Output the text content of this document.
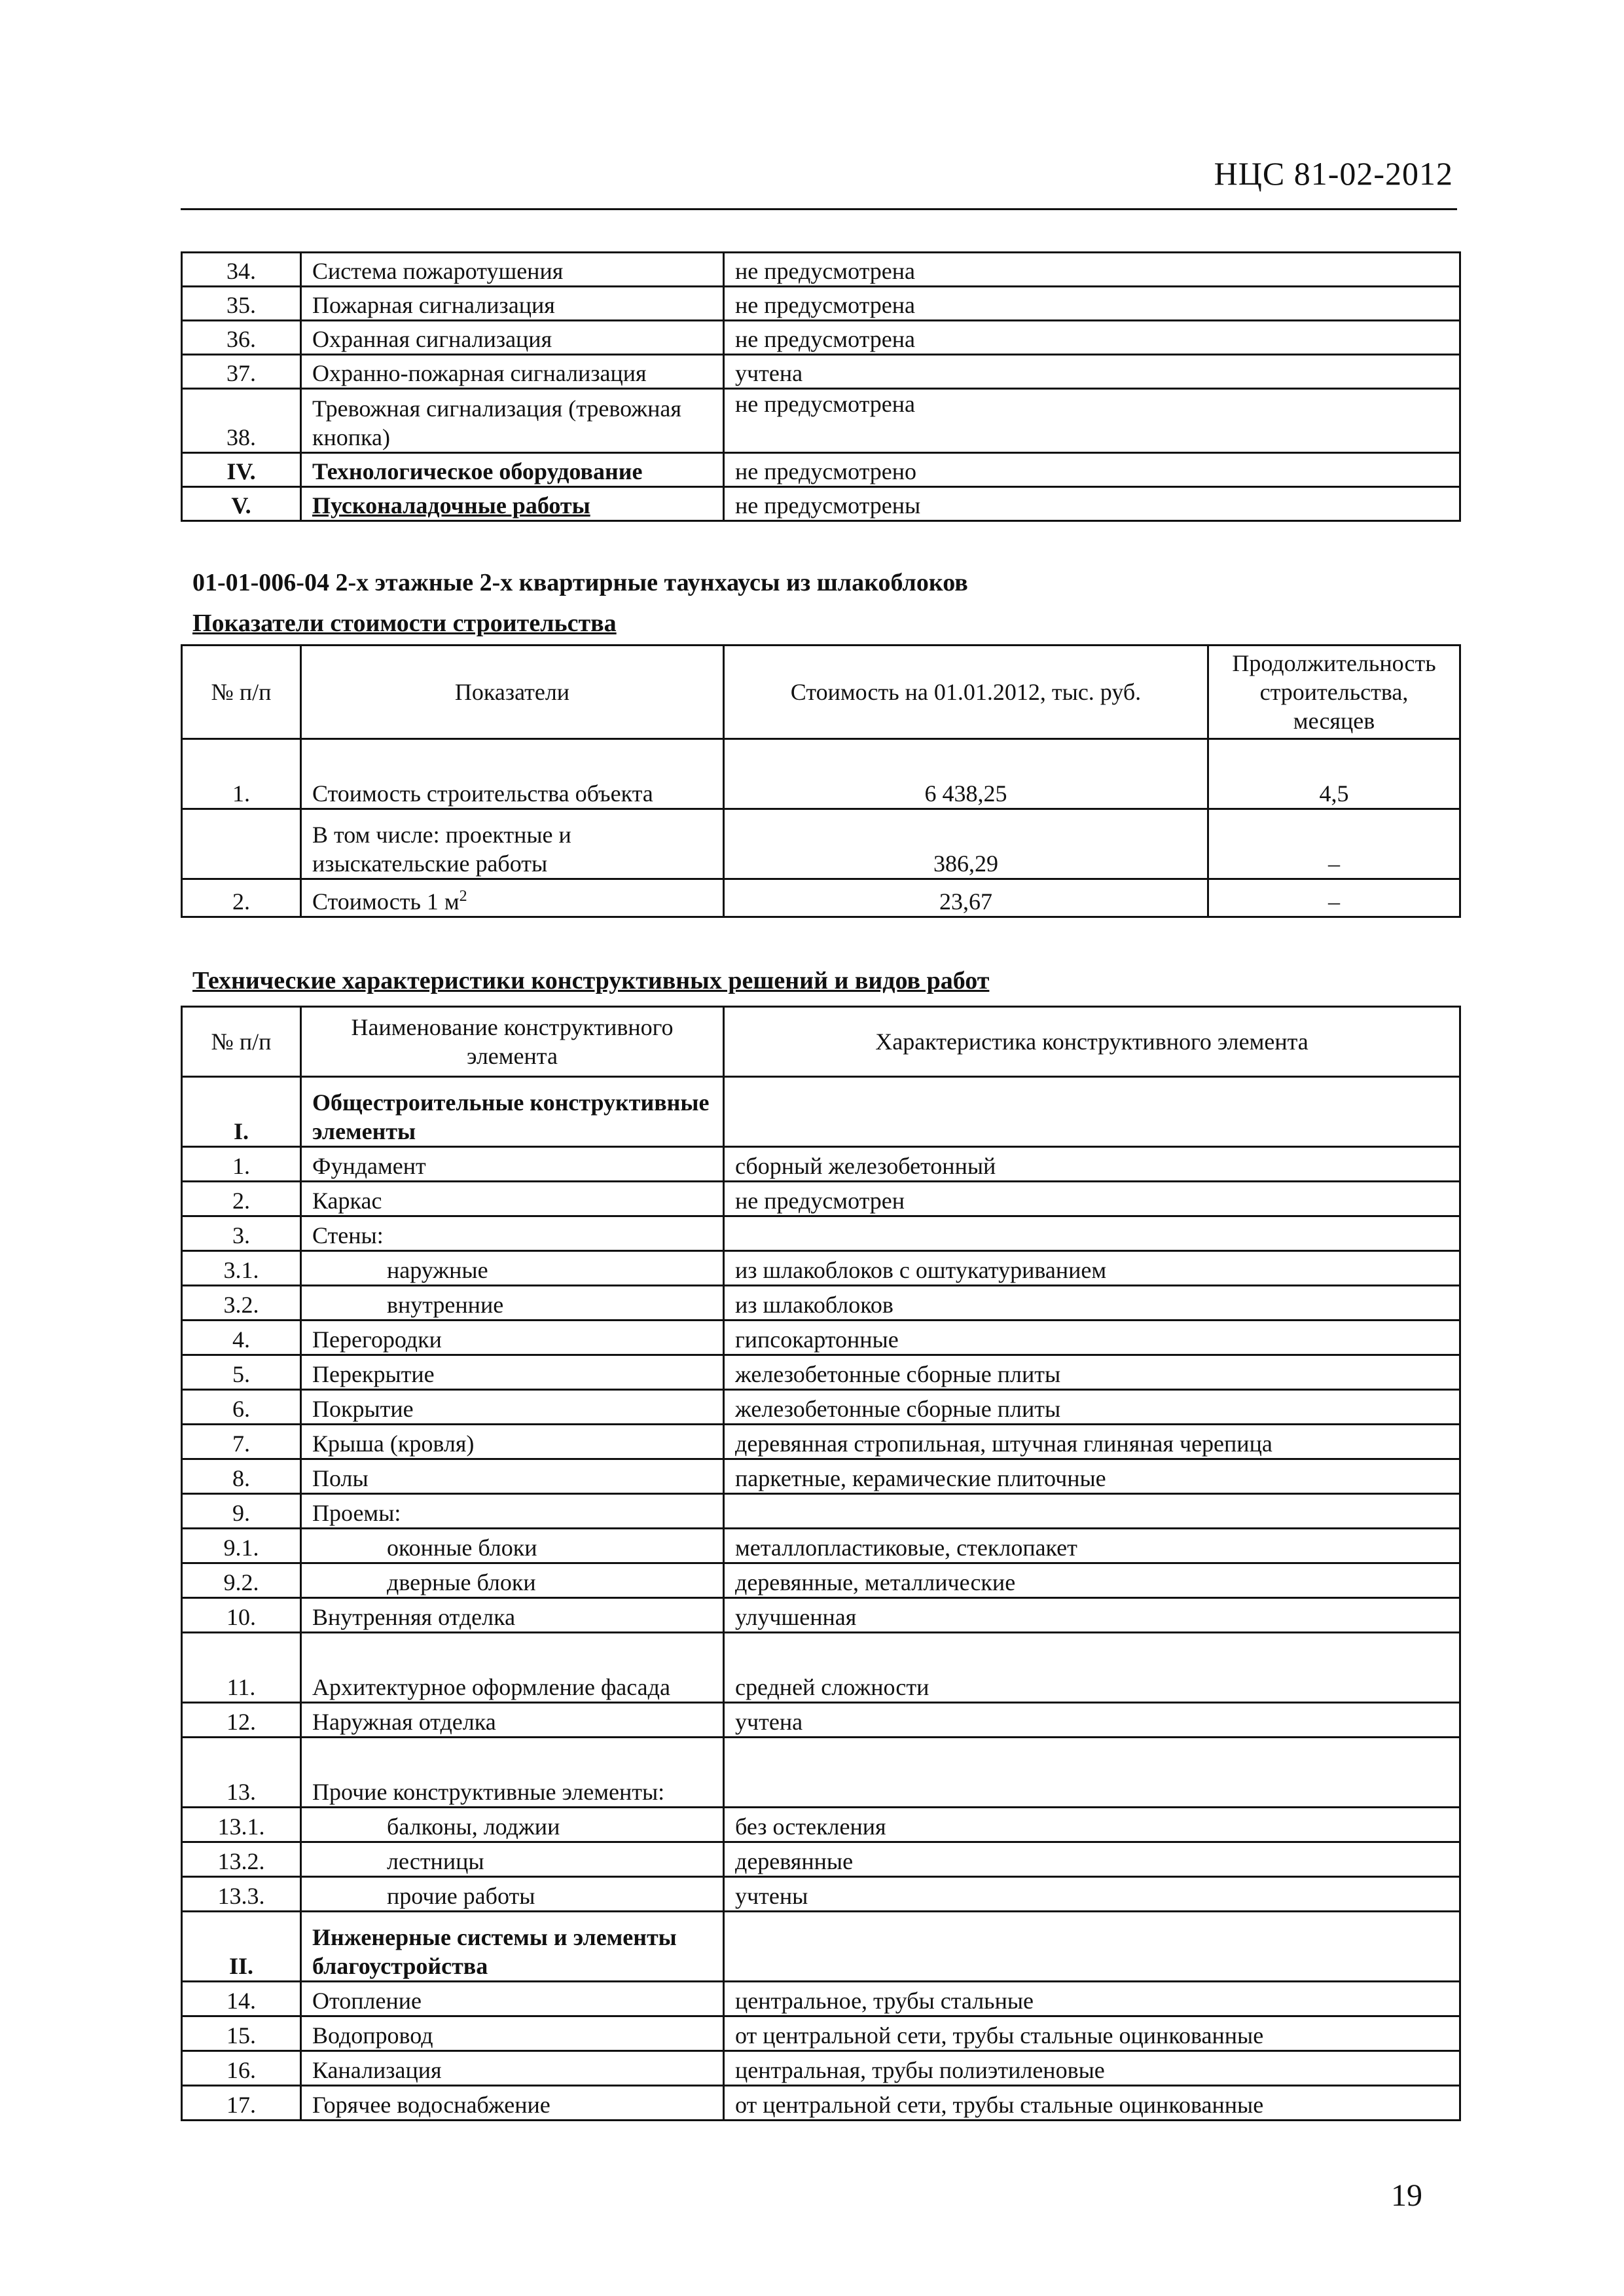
НЦС 81-02-2012
34.	Система пожаротушения	не предусмотрена
35.	Пожарная сигнализация	не предусмотрена
36.	Охранная сигнализация	не предусмотрена
37.	Охранно-пожарная сигнализация	учтена
38.	Тревожная сигнализация (тревожная кнопка)	не предусмотрена
IV.	Технологическое оборудование	не предусмотрено
V.	Пусконаладочные работы	не предусмотрены
01-01-006-04 2-х этажные 2-х квартирные таунхаусы из шлакоблоков
Показатели стоимости строительства
№ п/п	Показатели	Стоимость на 01.01.2012, тыс. руб.	Продолжительность строительства, месяцев
1.	Стоимость строительства объекта	6 438,25	4,5
	В том числе: проектные и изыскательские работы	386,29	–
2.	Стоимость 1 $м^2$	23,67	–
Технические характеристики конструктивных решений и видов работ
№ п/п	Наименование конструктивного элемента	Характеристика конструктивного элемента
I.	Общестроительные конструктивные элементы	
1.	Фундамент	сборный железобетонный
2.	Каркас	не предусмотрен
3.	Стены:	
3.1.	наружные	из шлакоблоков с оштукатуриванием
3.2.	внутренние	из шлакоблоков
4.	Перегородки	гипсокартонные
5.	Перекрытие	железобетонные сборные плиты
6.	Покрытие	железобетонные сборные плиты
7.	Крыша (кровля)	деревянная стропильная, штучная глиняная черепица
8.	Полы	паркетные, керамические плиточные
9.	Проемы:	
9.1.	оконные блоки	металлопластиковые, стеклопакет
9.2.	дверные блоки	деревянные, металлические
10.	Внутренняя отделка	улучшенная
11.	Архитектурное оформление фасада	средней сложности
12.	Наружная отделка	учтена
13.	Прочие конструктивные элементы:	
13.1.	балконы, лоджии	без остекления
13.2.	лестницы	деревянные
13.3.	прочие работы	учтены
II.	Инженерные системы и элементы благоустройства	
14.	Отопление	центральное, трубы стальные
15.	Водопровод	от центральной сети, трубы стальные оцинкованные
16.	Канализация	центральная, трубы полиэтиленовые
17.	Горячее водоснабжение	от центральной сети, трубы стальные оцинкованные
19
